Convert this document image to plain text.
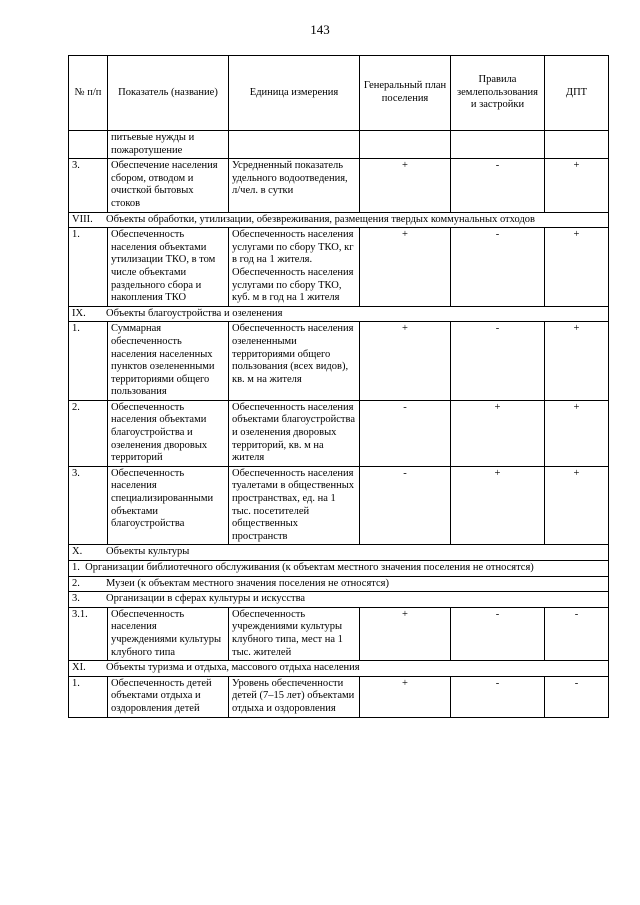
143
№ п/п	Показатель (название)	Единица измерения	Генеральный план поселения	Правила землепользования и застройки	ДПТ
	питьевые нужды и пожаротушение				
3.	Обеспечение населения сбором, отводом и очисткой бытовых стоков	Усредненный показатель удельного водоотведения, л/чел. в сутки	+	-	+
VIII. Объекты обработки, утилизации, обезвреживания, размещения твердых коммунальных отходов					
1.	Обеспеченность населения объектами утилизации ТКО, в том числе объектами раздельного сбора и накопления ТКО	Обеспеченность населения услугами по сбору ТКО, кг в год на 1 жителя. Обеспеченность населения услугами по сбору ТКО, куб. м в год на 1 жителя	+	-	+
IX. Объекты благоустройства и озеленения					
1.	Суммарная обеспеченность населения населенных пунктов озелененными территориями общего пользования	Обеспеченность населения озелененными территориями общего пользования (всех видов), кв. м на жителя	+	-	+
2.	Обеспеченность населения объектами благоустройства и озеленения дворовых территорий	Обеспеченность населения объектами благоустройства и озеленения дворовых территорий, кв. м на жителя	-	+	+
3.	Обеспеченность населения специализированными объектами благоустройства	Обеспеченность населения туалетами в общественных пространствах, ед. на 1 тыс. посетителей общественных пространств	-	+	+
X. Объекты культуры					
1. Организации библиотечного обслуживания (к объектам местного значения поселения не относятся)					
2. Музеи (к объектам местного значения поселения не относятся)					
3. Организации в сферах культуры и искусства					
3.1.	Обеспеченность населения учреждениями культуры клубного типа	Обеспеченность учреждениями культуры клубного типа, мест на 1 тыс. жителей	+	-	-
XI. Объекты туризма и отдыха, массового отдыха населения					
1.	Обеспеченность детей объектами отдыха и оздоровления детей	Уровень обеспеченности детей (7–15 лет) объектами отдыха и оздоровления	+	-	-
